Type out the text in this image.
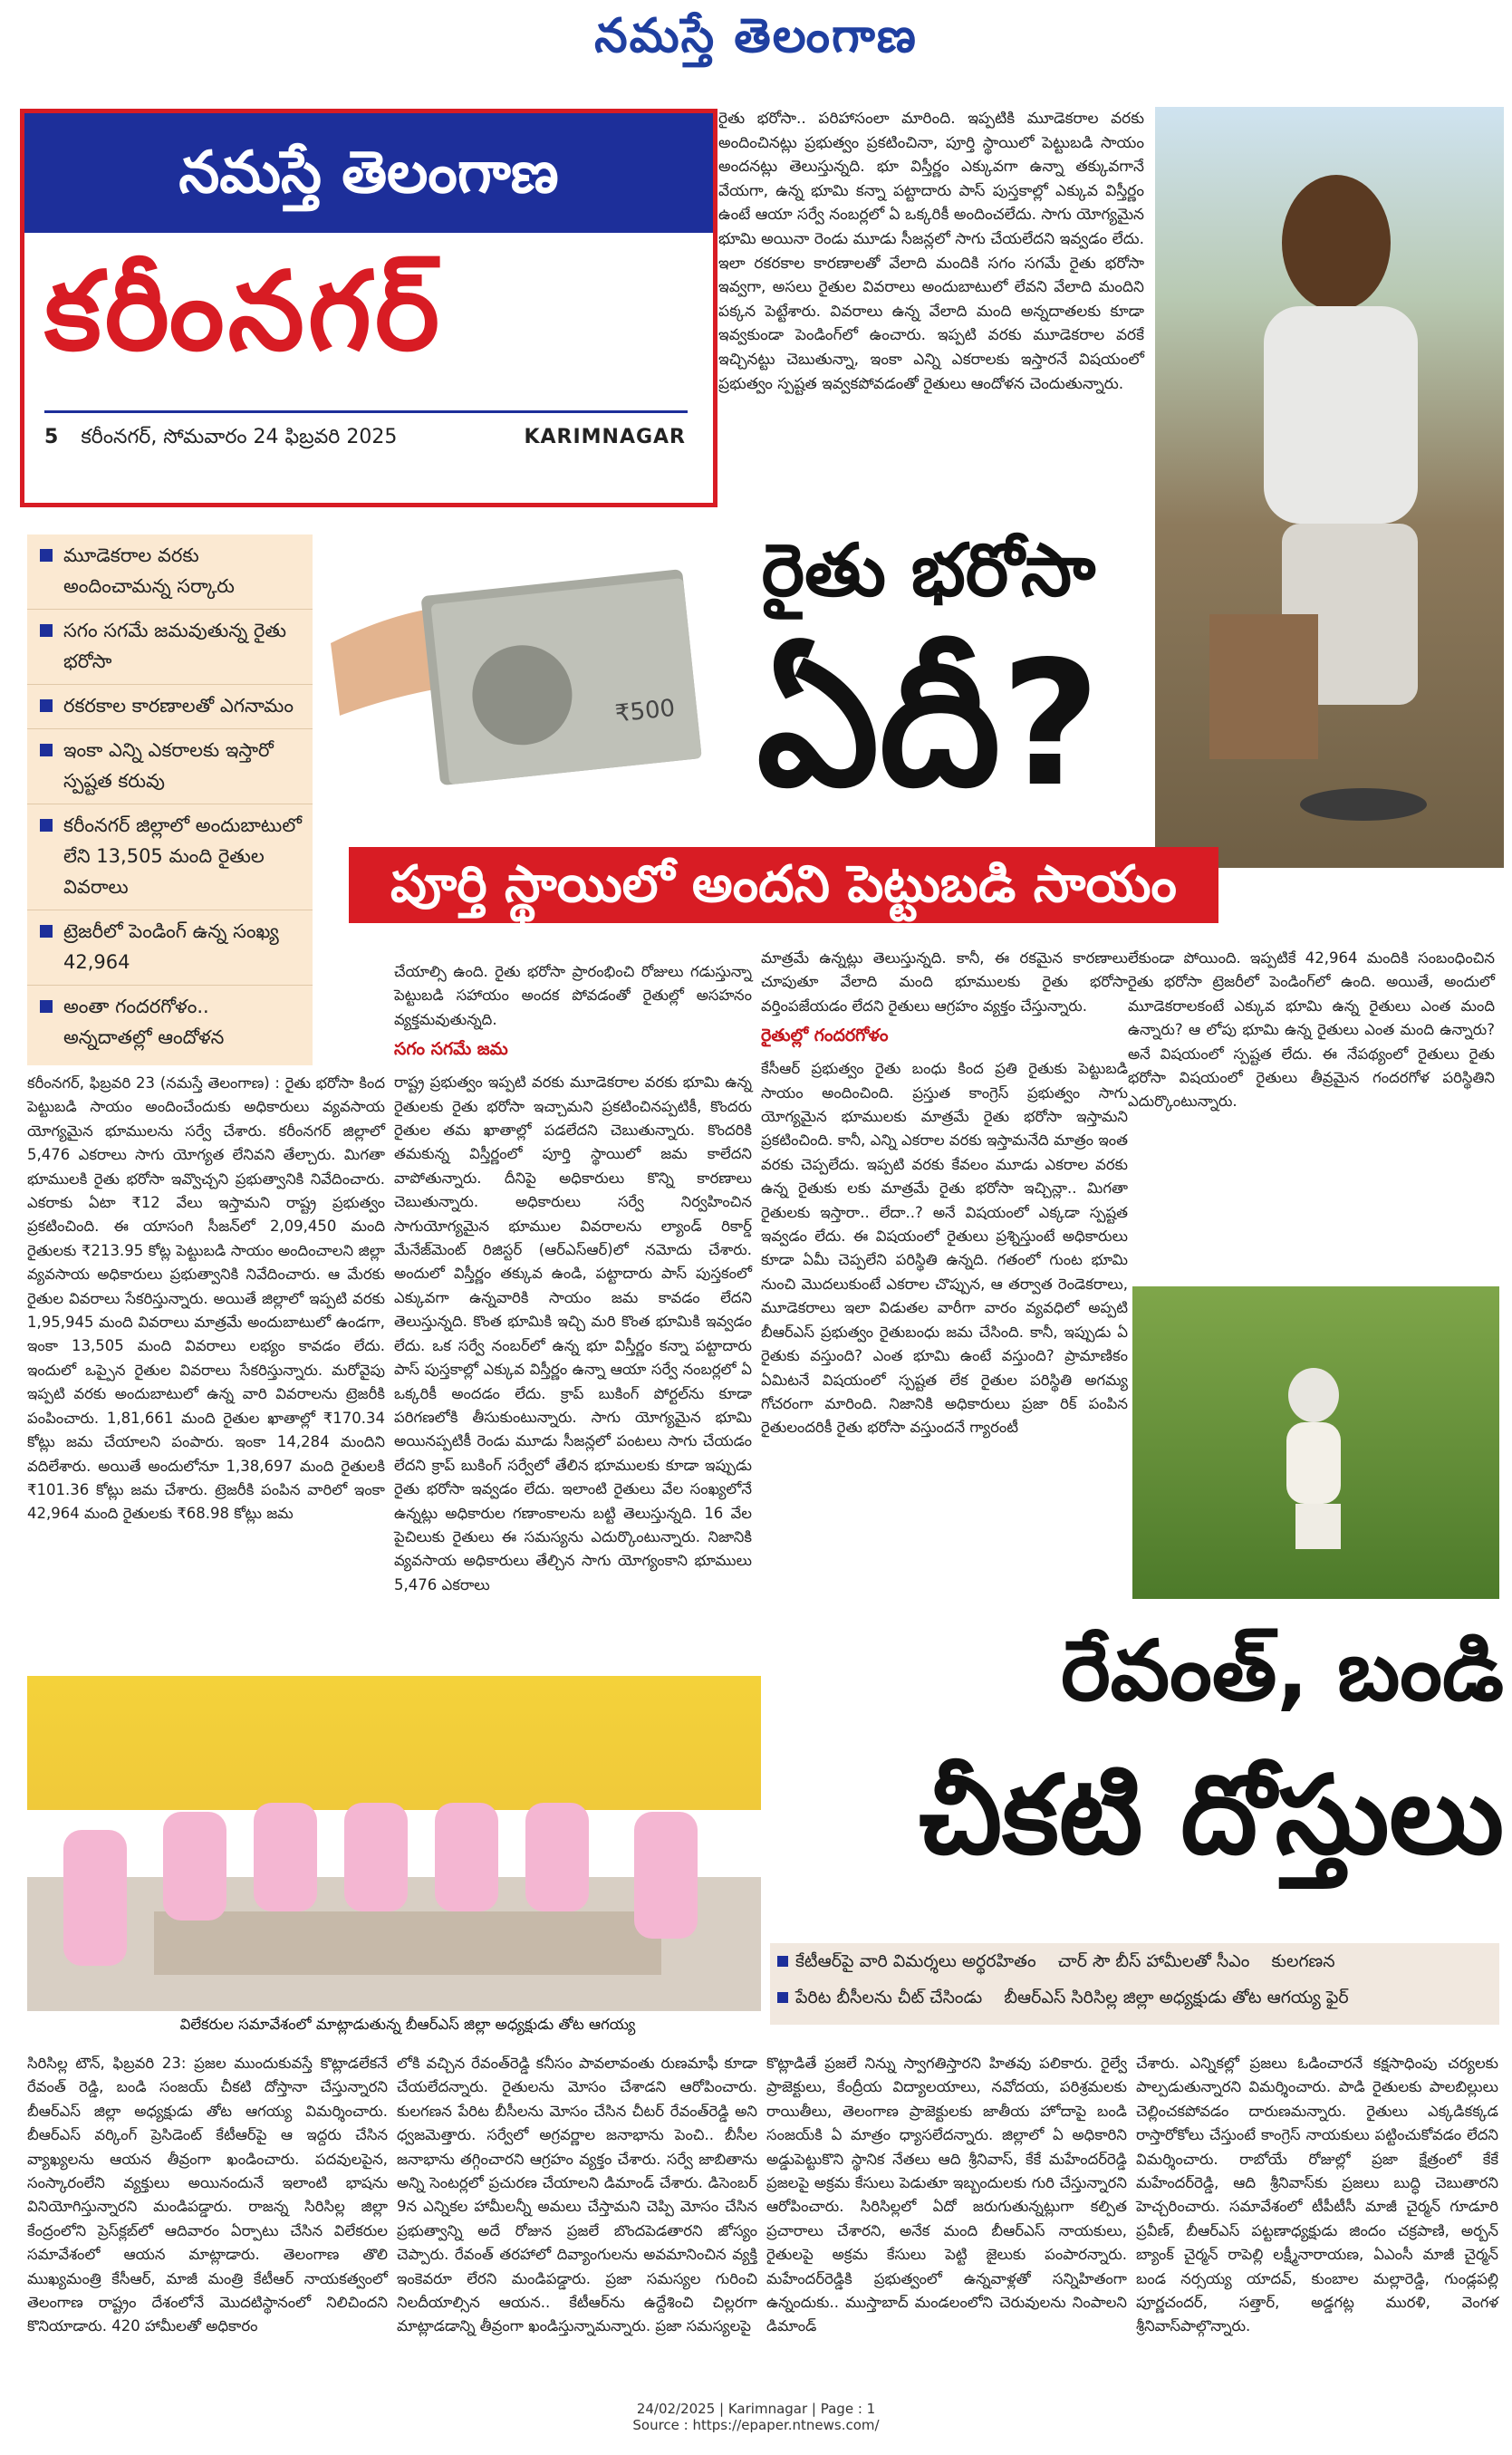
నమస్తే తెలంగాణ
నమస్తే తెలంగాణ
కరీంనగర్
5 కరీంనగర్, సోమవారం 24 ఫిబ్రవరి 2025	KARIMNAGAR
రైతు భరోసా.. పరిహాసంలా మారింది. ఇప్పటికి మూడెకరాల వరకు అందించినట్లు ప్రభుత్వం ప్రకటించినా, పూర్తి స్థాయిలో పెట్టుబడి సాయం అందనట్లు తెలుస్తున్నది. భూ విస్తీర్ణం ఎక్కువగా ఉన్నా తక్కువగానే వేయగా, ఉన్న భూమి కన్నా పట్టాదారు పాస్ పుస్తకాల్లో ఎక్కువ విస్తీర్ణం ఉంటే ఆయా సర్వే నంబర్లలో ఏ ఒక్కరికీ అందించలేదు. సాగు యోగ్యమైన భూమి అయినా రెండు మూడు సీజన్లలో సాగు చేయలేదని ఇవ్వడం లేదు. ఇలా రకరకాల కారణాలతో వేలాది మందికి సగం సగమే రైతు భరోసా ఇవ్వగా, అసలు రైతుల వివరాలు అందుబాటులో లేవని వేలాది మందిని పక్కన పెట్టేశారు. వివరాలు ఉన్న వేలాది మంది అన్నదాతలకు కూడా ఇవ్వకుండా పెండింగ్‌లో ఉంచారు. ఇప్పటి వరకు మూడెకరాల వరకే ఇచ్చినట్టు చెబుతున్నా, ఇంకా ఎన్ని ఎకరాలకు ఇస్తారనే విషయంలో ప్రభుత్వం స్పష్టత ఇవ్వకపోవడంతో రైతులు ఆందోళన చెందుతున్నారు.
₹500
రైతు భరోసా
ఏదీ?
పూర్తి స్థాయిలో అందని పెట్టుబడి సాయం
మూడెకరాల వరకు అందించామన్న సర్కారు
సగం సగమే జమవుతున్న రైతు భరోసా
రకరకాల కారణాలతో ఎగనామం
ఇంకా ఎన్ని ఎకరాలకు ఇస్తారో స్పష్టత కరువు
కరీంనగర్ జిల్లాలో అందుబాటులో లేని 13,505 మంది రైతుల వివరాలు
ట్రెజరీలో పెండింగ్ ఉన్న సంఖ్య 42,964
అంతా గందరగోళం.. అన్నదాతల్లో ఆందోళన
కరీంనగర్, ఫిబ్రవరి 23 (నమస్తే తెలంగాణ) : రైతు భరోసా కింద పెట్టుబడి సాయం అందించేందుకు అధికారులు వ్యవసాయ యోగ్యమైన భూములను సర్వే చేశారు. కరీంనగర్ జిల్లాలో 5,476 ఎకరాలు సాగు యోగ్యత లేనివని తేల్చారు. మిగతా భూములకి రైతు భరోసా ఇవ్వొచ్చని ప్రభుత్వానికి నివేదించారు. ఎకరాకు ఏటా ₹12 వేలు ఇస్తామని రాష్ట్ర ప్రభుత్వం ప్రకటించింది. ఈ యాసంగి సీజన్‌లో 2,09,450 మంది రైతులకు ₹213.95 కోట్ల పెట్టుబడి సాయం అందించాలని జిల్లా వ్యవసాయ అధికారులు ప్రభుత్వానికి నివేదించారు. ఆ మేరకు రైతుల వివరాలు సేకరిస్తున్నారు. అయితే జిల్లాలో ఇప్పటి వరకు 1,95,945 మంది వివరాలు మాత్రమే అందుబాటులో ఉండగా, ఇంకా 13,505 మంది వివరాలు లభ్యం కావడం లేదు. ఇందులో ఒప్పైన రైతుల వివరాలు సేకరిస్తున్నారు. మరోవైపు ఇప్పటి వరకు అందుబాటులో ఉన్న వారి వివరాలను ట్రెజరీకి పంపించారు. 1,81,661 మంది రైతుల ఖాతాల్లో ₹170.34 కోట్లు జమ చేయాలని పంపారు. ఇంకా 14,284 మందిని వదిలేశారు. అయితే అందులోనూ 1,38,697 మంది రైతులకి ₹101.36 కోట్లు జమ చేశారు. ట్రెజరీకి పంపిన వారిలో ఇంకా 42,964 మంది రైతులకు ₹68.98 కోట్లు జమ
చేయాల్సి ఉంది. రైతు భరోసా ప్రారంభించి రోజులు గడుస్తున్నా పెట్టుబడి సహాయం అందక పోవడంతో రైతుల్లో అసహనం వ్యక్తమవుతున్నది.
సగం సగమే జమ
రాష్ట్ర ప్రభుత్వం ఇప్పటి వరకు మూడెకరాల వరకు భూమి ఉన్న రైతులకు రైతు భరోసా ఇచ్చామని ప్రకటించినప్పటికీ, కొందరు రైతుల తమ ఖాతాల్లో పడలేదని చెబుతున్నారు. కొందరికి తమకున్న విస్తీర్ణంలో పూర్తి స్థాయిలో జమ కాలేదని వాపోతున్నారు. దీనిపై అధికారులు కొన్ని కారణాలు చెబుతున్నారు. అధికారులు సర్వే నిర్వహించిన సాగుయోగ్యమైన భూముల వివరాలను ల్యాండ్ రికార్డ్ మేనేజ్‌మెంట్ రిజిస్టర్ (ఆర్ఎస్ఆర్)లో నమోదు చేశారు. అందులో విస్తీర్ణం తక్కువ ఉండి, పట్టాదారు పాస్ పుస్తకంలో ఎక్కువగా ఉన్నవారికి సాయం జమ కావడం లేదని తెలుస్తున్నది. కొంత భూమికి ఇచ్చి మరి కొంత భూమికి ఇవ్వడం లేదు. ఒక సర్వే నంబర్‌లో ఉన్న భూ విస్తీర్ణం కన్నా పట్టాదారు పాస్ పుస్తకాల్లో ఎక్కువ విస్తీర్ణం ఉన్నా ఆయా సర్వే నంబర్లలో ఏ ఒక్కరికీ అందడం లేదు. క్రాప్ బుకింగ్ పోర్టల్‌ను కూడా పరిగణలోకి తీసుకుంటున్నారు. సాగు యోగ్యమైన భూమి అయినప్పటికీ రెండు మూడు సీజన్లలో పంటలు సాగు చేయడం లేదని క్రాప్ బుకింగ్ సర్వేలో తేలిన భూములకు కూడా ఇప్పుడు రైతు భరోసా ఇవ్వడం లేదు. ఇలాంటి రైతులు వేల సంఖ్యలోనే ఉన్నట్లు అధికారుల గణాంకాలను బట్టి తెలుస్తున్నది. 16 వేల పైచిలుకు రైతులు ఈ సమస్యను ఎదుర్కొంటున్నారు. నిజానికి వ్యవసాయ అధికారులు తేల్చిన సాగు యోగ్యంకాని భూములు 5,476 ఎకరాలు
మాత్రమే ఉన్నట్లు తెలుస్తున్నది. కానీ, ఈ రకమైన కారణాలు చూపుతూ వేలాది మంది భూములకు రైతు భరోసా వర్తింపజేయడం లేదని రైతులు ఆగ్రహం వ్యక్తం చేస్తున్నారు.
రైతుల్లో గందరగోళం
కేసీఆర్ ప్రభుత్వం రైతు బంధు కింద ప్రతి రైతుకు పెట్టుబడి సాయం అందించింది. ప్రస్తుత కాంగ్రెస్ ప్రభుత్వం సాగు యోగ్యమైన భూములకు మాత్రమే రైతు భరోసా ఇస్తామని ప్రకటించింది. కానీ, ఎన్ని ఎకరాల వరకు ఇస్తామనేది మాత్రం ఇంత వరకు చెప్పలేదు. ఇప్పటి వరకు కేవలం మూడు ఎకరాల వరకు ఉన్న రైతుకు లకు మాత్రమే రైతు భరోసా ఇచ్చిన్లా.. మిగతా రైతులకు ఇస్తారా.. లేదా..? అనే విషయంలో ఎక్కడా స్పష్టత ఇవ్వడం లేదు. ఈ విషయంలో రైతులు ప్రశ్నిస్తుంటే అధికారులు కూడా ఏమీ చెప్పలేని పరిస్థితి ఉన్నది. గతంలో గుంట భూమి నుంచి మొదలుకుంటే ఎకరాల చొప్పున, ఆ తర్వాత రెండెకరాలు, మూడెకరాలు ఇలా విడుతల వారీగా వారం వ్యవధిలో అప్పటి బీఆర్ఎస్ ప్రభుత్వం రైతుబంధు జమ చేసింది. కానీ, ఇప్పుడు ఏ రైతుకు వస్తుంది? ఎంత భూమి ఉంటే వస్తుంది? ప్రామాణికం ఏమిటనే విషయంలో స్పష్టత లేక రైతుల పరిస్థితి అగమ్య గోచరంగా మారింది. నిజానికి అధికారులు ప్రజా రిక్ పంపిన రైతులందరికీ రైతు భరోసా వస్తుందనే గ్యారంటీ
లేకుండా పోయింది. ఇప్పటికే 42,964 మందికి సంబంధించిన రైతు భరోసా ట్రెజరీలో పెండింగ్‌లో ఉంది. అయితే, అందులో మూడెకరాలకంటే ఎక్కువ భూమి ఉన్న రైతులు ఎంత మంది ఉన్నారు? ఆ లోపు భూమి ఉన్న రైతులు ఎంత మంది ఉన్నారు? అనే విషయంలో స్పష్టత లేదు. ఈ నేపథ్యంలో రైతులు రైతు భరోసా విషయంలో రైతులు తీవ్రమైన గందరగోళ పరిస్థితిని ఎదుర్కొంటున్నారు.
రేవంత్, బండి
చీకటి దోస్తులు
కేటీఆర్‌పై వారి విమర్శలు అర్థరహితం చార్ సౌ బీస్ హామీలతో సీఎం కులగణన
పేరిట బీసీలను చీట్ చేసిండు బీఆర్ఎస్ సిరిసిల్ల జిల్లా అధ్యక్షుడు తోట ఆగయ్య ఫైర్
విలేకరుల సమావేశంలో మాట్లాడుతున్న బీఆర్ఎస్ జిల్లా అధ్యక్షుడు తోట ఆగయ్య
సిరిసిల్ల టౌన్, ఫిబ్రవరి 23: ప్రజల ముందుకువస్తే కొట్లాడలేకనే రేవంత్ రెడ్డి, బండి సంజయ్ చీకటి దోస్తానా చేస్తున్నారని బీఆర్ఎస్ జిల్లా అధ్యక్షుడు తోట ఆగయ్య విమర్శించారు. బీఆర్ఎస్ వర్కింగ్ ప్రెసిడెంట్ కేటీఆర్‌పై ఆ ఇద్దరు చేసిన వ్యాఖ్యలను ఆయన తీవ్రంగా ఖండించారు. పదవులపైన, సంస్కారంలేని వ్యక్తులు అయినందునే ఇలాంటి భాషను వినియోగిస్తున్నారని మండిపడ్డారు. రాజన్న సిరిసిల్ల జిల్లా కేంద్రంలోని ప్రెస్‌క్లబ్‌లో ఆదివారం ఏర్పాటు చేసిన విలేకరుల సమావేశంలో ఆయన మాట్లాడారు. తెలంగాణ తొలి ముఖ్యమంత్రి కేసీఆర్, మాజీ మంత్రి కేటీఆర్ నాయకత్వంలో తెలంగాణ రాష్ట్రం దేశంలోనే మొదటిస్థానంలో నిలిచిందని కొనియాడారు. 420 హామీలతో అధికారం
లోకి వచ్చిన రేవంత్‌రెడ్డి కనీసం పావలావంతు రుణమాఫీ కూడా చేయలేదన్నారు. రైతులను మోసం చేశాడని ఆరోపించారు. కులగణన పేరిట బీసీలను మోసం చేసిన చీటర్ రేవంత్‌రెడ్డి అని ధ్వజమెత్తారు. సర్వేలో అగ్రవర్ణాల జనాభాను పెంచి.. బీసీల జనాభాను తగ్గించారని ఆగ్రహం వ్యక్తం చేశారు. సర్వే జాబితాను అన్ని సెంటర్లలో ప్రచురణ చేయాలని డిమాండ్ చేశారు. డిసెంబర్ 9న ఎన్నికల హామీలన్నీ అమలు చేస్తామని చెప్పి మోసం చేసిన ప్రభుత్వాన్ని అదే రోజున ప్రజలే బొందపెడతారని జోస్యం చెప్పారు. రేవంత్ తరహాలో దివ్యాంగులను అవమానించిన వ్యక్తి ఇంకెవరూ లేరని మండిపడ్డారు. ప్రజా సమస్యల గురించి నిలదీయాల్సిన ఆయన.. కేటీఆర్‌ను ఉద్దేశించి చిల్లరగా మాట్లాడడాన్ని తీవ్రంగా ఖండిస్తున్నామన్నారు. ప్రజా సమస్యలపై
కొట్లాడితే ప్రజలే నిన్ను స్వాగతిస్తారని హితవు పలికారు. రైల్వే ప్రాజెక్టులు, కేంద్రీయ విద్యాలయాలు, నవోదయ, పరిశ్రమలకు రాయితీలు, తెలంగాణ ప్రాజెక్టులకు జాతీయ హోదాపై బండి సంజయ్‌కి ఏ మాత్రం ధ్యాసలేదన్నారు. జిల్లాలో ఏ అధికారిని అడ్డుపెట్టుకొని స్థానిక నేతలు ఆది శ్రీనివాస్, కేకే మహేందర్‌రెడ్డి ప్రజలపై అక్రమ కేసులు పెడుతూ ఇబ్బందులకు గురి చేస్తున్నారని ఆరోపించారు. సిరిసిల్లలో ఏదో జరుగుతున్నట్లుగా కల్పిత ప్రచారాలు చేశారని, అనేక మంది బీఆర్ఎస్ నాయకులు, రైతులపై అక్రమ కేసులు పెట్టి జైలుకు పంపారన్నారు. మహేందర్‌రెడ్డికి ప్రభుత్వంలో ఉన్నవాళ్లతో సన్నిహితంగా ఉన్నందుకు.. ముస్తాబాద్ మండలంలోని చెరువులను నింపాలని డిమాండ్
చేశారు. ఎన్నికల్లో ప్రజలు ఓడించారనే కక్షసాధింపు చర్యలకు పాల్పడుతున్నారని విమర్శించారు. పాడి రైతులకు పాలబిల్లులు చెల్లించకపోవడం దారుణమన్నారు. రైతులు ఎక్కడికక్కడ రాస్తారోకోలు చేస్తుంటే కాంగ్రెస్ నాయకులు పట్టించుకోవడం లేదని విమర్శించారు. రాబోయే రోజుల్లో ప్రజా క్షేత్రంలో కేకే మహేందర్‌రెడ్డి, ఆది శ్రీనివాస్‌కు ప్రజలు బుద్ధి చెబుతారని హెచ్చరించారు. సమావేశంలో టీపీటీసీ మాజీ చైర్మన్ గూడూరి ప్రవీణ్, బీఆర్ఎస్ పట్టణాధ్యక్షుడు జిందం చక్రపాణి, అర్బన్ బ్యాంక్ చైర్మన్ రాపెల్లి లక్ష్మీనారాయణ, ఏఎంసీ మాజీ చైర్మన్ బండ నర్సయ్య యాదవ్, కుంబాల మల్లారెడ్డి, గుండ్లపల్లి పూర్ణచందర్, సత్తార్, అడ్డగట్ల మురళి, వెంగళ శ్రీనివాస్‌పాల్గొన్నారు.
24/02/2025 | Karimnagar | Page : 1
Source : https://epaper.ntnews.com/
